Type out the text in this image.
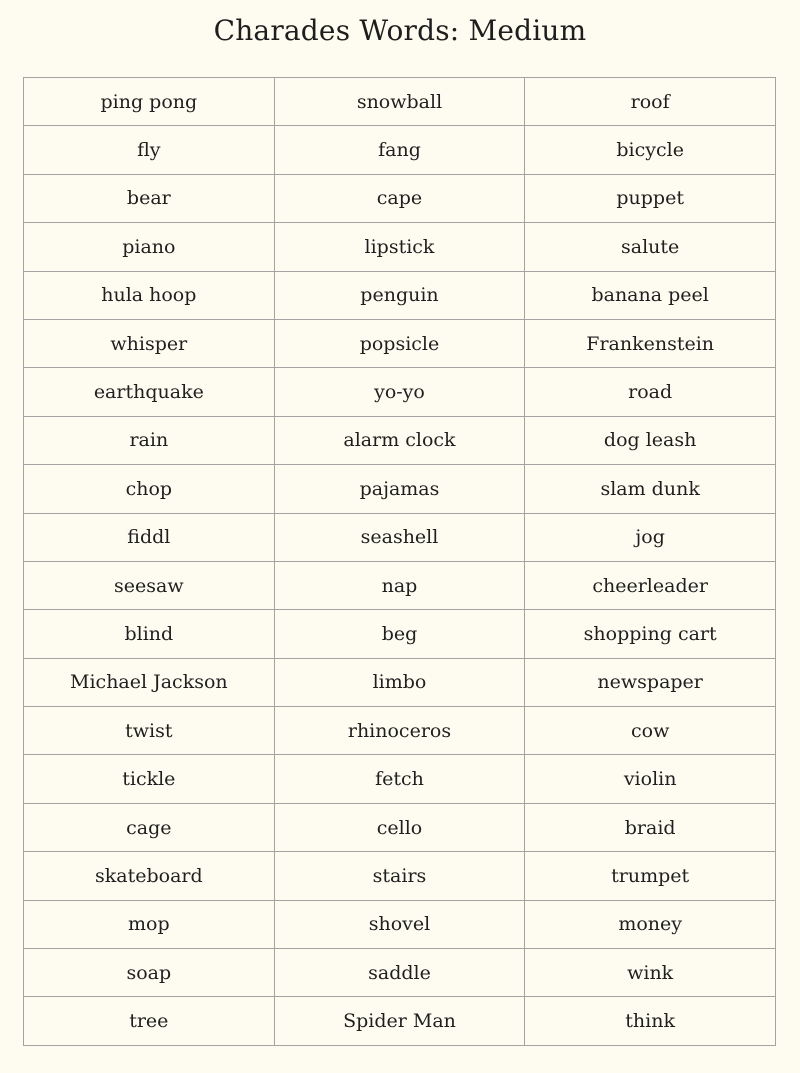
Charades Words: Medium
ping pong	snowball	roof
fly	fang	bicycle
bear	cape	puppet
piano	lipstick	salute
hula hoop	penguin	banana peel
whisper	popsicle	Frankenstein
earthquake	yo-yo	road
rain	alarm clock	dog leash
chop	pajamas	slam dunk
fiddl	seashell	jog
seesaw	nap	cheerleader
blind	beg	shopping cart
Michael Jackson	limbo	newspaper
twist	rhinoceros	cow
tickle	fetch	violin
cage	cello	braid
skateboard	stairs	trumpet
mop	shovel	money
soap	saddle	wink
tree	Spider Man	think
